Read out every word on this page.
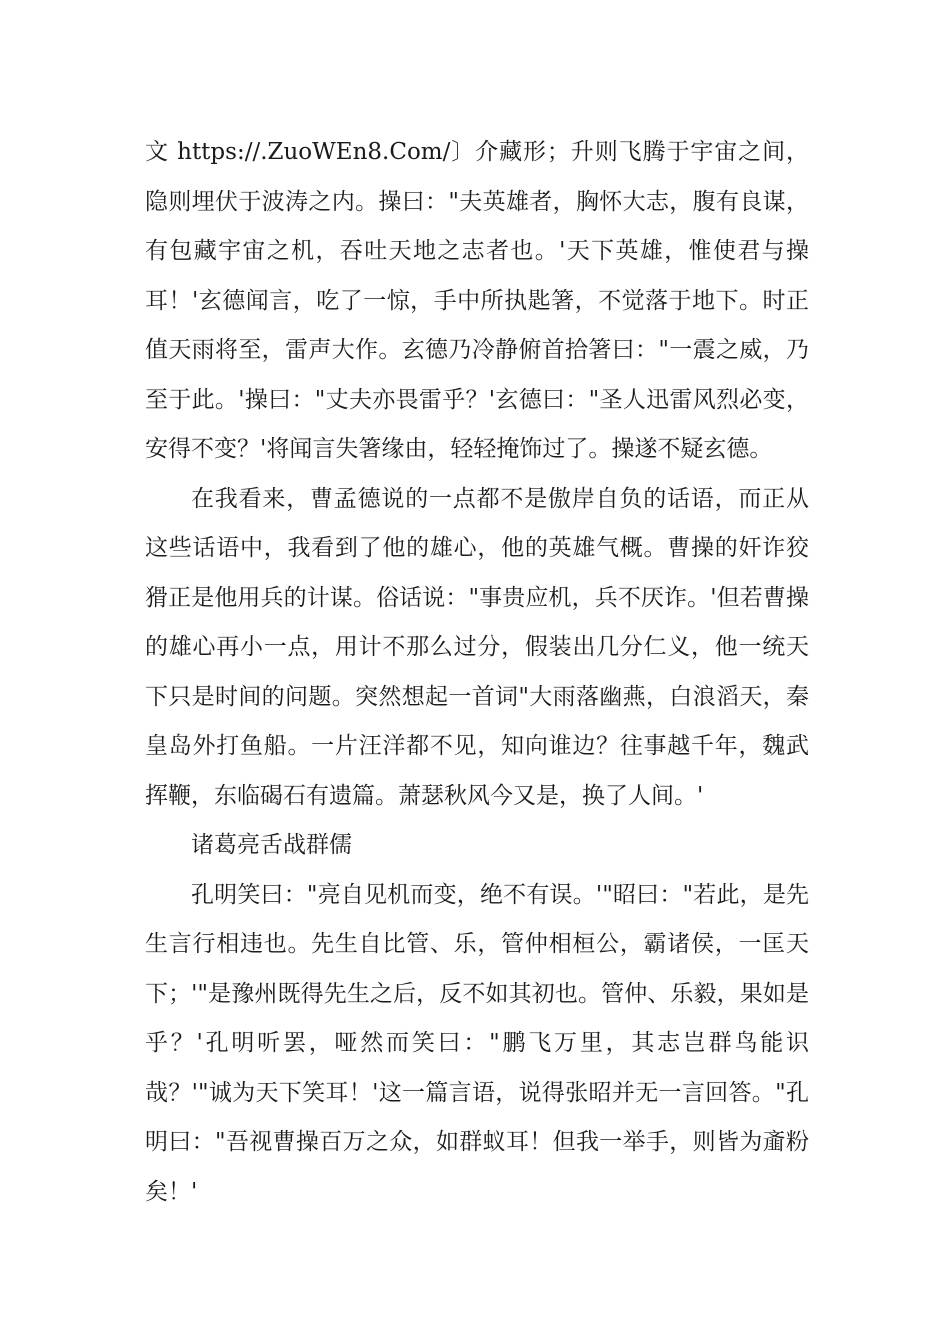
文 https://.ZuoWEn8.Com/〕介藏形；升则飞腾于宇宙之间，隐则埋伏于波涛之内。操曰："夫英雄者，胸怀大志，腹有良谋，有包藏宇宙之机，吞吐天地之志者也。'天下英雄，惟使君与操耳！'玄德闻言，吃了一惊，手中所执匙箸，不觉落于地下。时正值天雨将至，雷声大作。玄德乃冷静俯首拾箸曰："一震之威，乃至于此。'操曰："丈夫亦畏雷乎？'玄德曰："圣人迅雷风烈必变，安得不变？'将闻言失箸缘由，轻轻掩饰过了。操遂不疑玄德。

在我看来，曹孟德说的一点都不是傲岸自负的话语，而正从这些话语中，我看到了他的雄心，他的英雄气概。曹操的奸诈狡猾正是他用兵的计谋。俗话说："事贵应机，兵不厌诈。'但若曹操的雄心再小一点，用计不那么过分，假装出几分仁义，他一统天下只是时间的问题。突然想起一首词"大雨落幽燕，白浪滔天，秦皇岛外打鱼船。一片汪洋都不见，知向谁边？往事越千年，魏武挥鞭，东临碣石有遗篇。萧瑟秋风今又是，换了人间。'

诸葛亮舌战群儒

孔明笑曰："亮自见机而变，绝不有误。'"昭曰："若此，是先生言行相违也。先生自比管、乐，管仲相桓公，霸诸侯，一匡天下；'"是豫州既得先生之后，反不如其初也。管仲、乐毅，果如是乎？'孔明听罢，哑然而笑曰："鹏飞万里，其志岂群鸟能识哉？'"诚为天下笑耳！'这一篇言语，说得张昭并无一言回答。"孔明曰："吾视曹操百万之众，如群蚁耳！但我一举手，则皆为齑粉矣！'
